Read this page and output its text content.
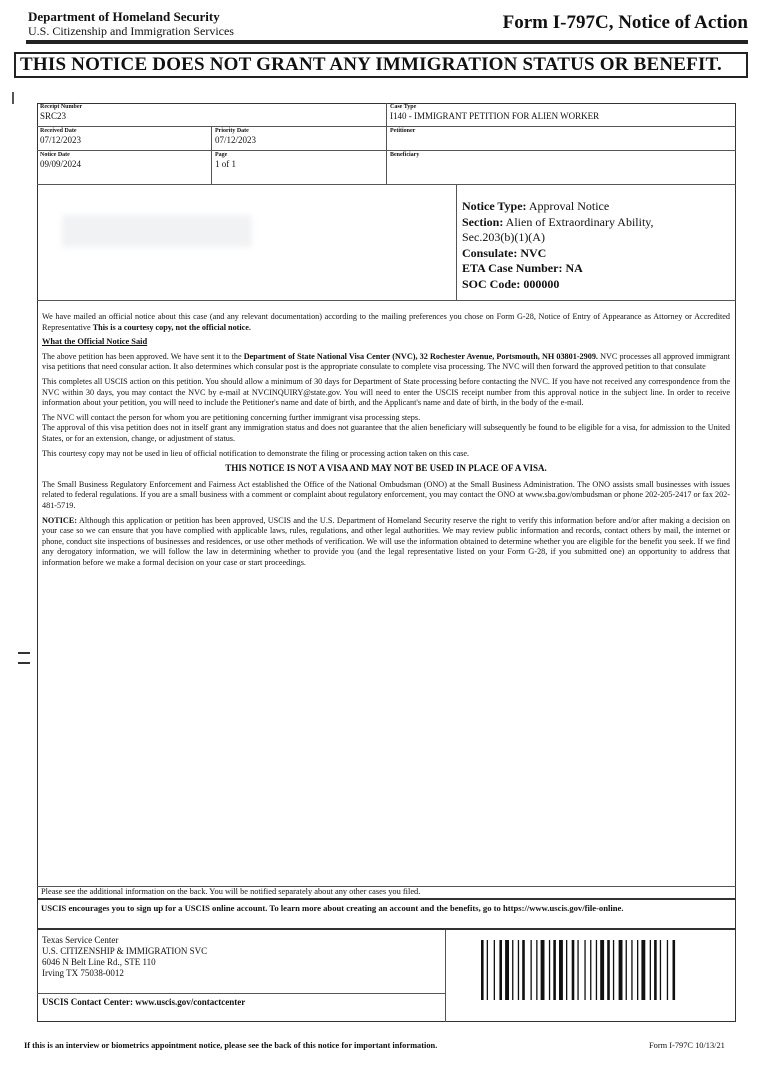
Department of Homeland Security
U.S. Citizenship and Immigration Services	Form I-797C, Notice of Action
THIS NOTICE DOES NOT GRANT ANY IMMIGRATION STATUS OR BENEFIT.
Receipt Number
SRC23
Case Type
I140 - IMMIGRANT PETITION FOR ALIEN WORKER
Received Date
07/12/2023
Priority Date
07/12/2023
Petitioner
Notice Date
09/09/2024
Page
1 of 1
Beneficiary
Notice Type: Approval Notice
Section: Alien of Extraordinary Ability,
Sec.203(b)(1)(A)
Consulate: NVC
ETA Case Number: NA
SOC Code: 000000

We have mailed an official notice about this case (and any relevant documentation) according to the mailing preferences you chose on Form G-28, Notice of Entry of Appearance as Attorney or Accredited Representative This is a courtesy copy, not the official notice.

What the Official Notice Said

The above petition has been approved. We have sent it to the Department of State National Visa Center (NVC), 32 Rochester Avenue, Portsmouth, NH 03801-2909. NVC processes all approved immigrant visa petitions that need consular action. It also determines which consular post is the appropriate consulate to complete visa processing. The NVC will then forward the approved petition to that consulate

This completes all USCIS action on this petition. You should allow a minimum of 30 days for Department of State processing before contacting the NVC. If you have not received any correspondence from the NVC within 30 days, you may contact the NVC by e-mail at NVCINQUIRY@state.gov. You will need to enter the USCIS receipt number from this approval notice in the subject line. In order to receive information about your petition, you will need to include the Petitioner's name and date of birth, and the Applicant's name and date of birth, in the body of the e-mail.

The NVC will contact the person for whom you are petitioning concerning further immigrant visa processing steps.
The approval of this visa petition does not in itself grant any immigration status and does not guarantee that the alien beneficiary will subsequently be found to be eligible for a visa, for admission to the United States, or for an extension, change, or adjustment of status.

This courtesy copy may not be used in lieu of official notification to demonstrate the filing or processing action taken on this case.

THIS NOTICE IS NOT A VISA AND MAY NOT BE USED IN PLACE OF A VISA.

The Small Business Regulatory Enforcement and Fairness Act established the Office of the National Ombudsman (ONO) at the Small Business Administration. The ONO assists small businesses with issues related to federal regulations. If you are a small business with a comment or complaint about regulatory enforcement, you may contact the ONO at www.sba.gov/ombudsman or phone 202-205-2417 or fax 202-481-5719.

NOTICE: Although this application or petition has been approved, USCIS and the U.S. Department of Homeland Security reserve the right to verify this information before and/or after making a decision on your case so we can ensure that you have complied with applicable laws, rules, regulations, and other legal authorities. We may review public information and records, contact others by mail, the internet or phone, conduct site inspections of businesses and residences, or use other methods of verification. We will use the information obtained to determine whether you are eligible for the benefit you seek. If we find any derogatory information, we will follow the law in determining whether to provide you (and the legal representative listed on your Form G-28, if you submitted one) an opportunity to address that information before we make a formal decision on your case or start proceedings.

Please see the additional information on the back. You will be notified separately about any other cases you filed.
USCIS encourages you to sign up for a USCIS online account. To learn more about creating an account and the benefits, go to https://www.uscis.gov/file-online.
Texas Service Center
U.S. CITIZENSHIP & IMMIGRATION SVC
6046 N Belt Line Rd., STE 110
Irving TX 75038-0012
USCIS Contact Center: www.uscis.gov/contactcenter
If this is an interview or biometrics appointment notice, please see the back of this notice for important information.	Form I-797C 10/13/21
